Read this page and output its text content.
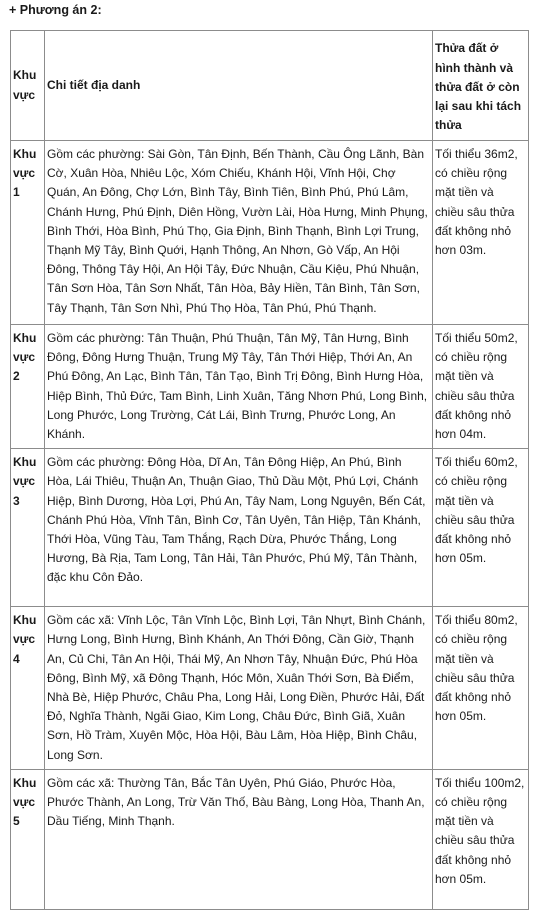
+ Phương án 2:
Khu vực	Chi tiết địa danh	Thửa đất ở hình thành và thửa đất ở còn lại sau khi tách thửa
Khu vực 1	Gồm các phường: Sài Gòn, Tân Định, Bến Thành, Cầu Ông Lãnh, Bàn Cờ, Xuân Hòa, Nhiêu Lộc, Xóm Chiếu, Khánh Hội, Vĩnh Hội, Chợ Quán, An Đông, Chợ Lớn, Bình Tây, Bình Tiên, Bình Phú, Phú Lâm, Chánh Hưng, Phú Định, Diên Hồng, Vườn Lài, Hòa Hưng, Minh Phụng, Bình Thới, Hòa Bình, Phú Thọ, Gia Định, Bình Thạnh, Bình Lợi Trung, Thạnh Mỹ Tây, Bình Quới, Hạnh Thông, An Nhơn, Gò Vấp, An Hội Đông, Thông Tây Hội, An Hội Tây, Đức Nhuận, Cầu Kiệu, Phú Nhuận, Tân Sơn Hòa, Tân Sơn Nhất, Tân Hòa, Bảy Hiền, Tân Bình, Tân Sơn, Tây Thạnh, Tân Sơn Nhì, Phú Thọ Hòa, Tân Phú, Phú Thạnh.	Tối thiểu 36m2, có chiều rộng mặt tiền và chiều sâu thửa đất không nhỏ hơn 03m.
Khu vực 2	Gồm các phường: Tân Thuận, Phú Thuận, Tân Mỹ, Tân Hưng, Bình Đông, Đông Hưng Thuận, Trung Mỹ Tây, Tân Thới Hiệp, Thới An, An Phú Đông, An Lạc, Bình Tân, Tân Tạo, Bình Trị Đông, Bình Hưng Hòa, Hiệp Bình, Thủ Đức, Tam Bình, Linh Xuân, Tăng Nhơn Phú, Long Bình, Long Phước, Long Trường, Cát Lái, Bình Trưng, Phước Long, An Khánh.	Tối thiểu 50m2, có chiều rộng mặt tiền và chiều sâu thửa đất không nhỏ hơn 04m.
Khu vực 3	Gồm các phường: Đông Hòa, Dĩ An, Tân Đông Hiệp, An Phú, Bình Hòa, Lái Thiêu, Thuận An, Thuận Giao, Thủ Dầu Một, Phú Lợi, Chánh Hiệp, Bình Dương, Hòa Lợi, Phú An, Tây Nam, Long Nguyên, Bến Cát, Chánh Phú Hòa, Vĩnh Tân, Bình Cơ, Tân Uyên, Tân Hiệp, Tân Khánh, Thới Hòa, Vũng Tàu, Tam Thắng, Rạch Dừa, Phước Thắng, Long Hương, Bà Rịa, Tam Long, Tân Hải, Tân Phước, Phú Mỹ, Tân Thành, đặc khu Côn Đảo.	Tối thiểu 60m2, có chiều rộng mặt tiền và chiều sâu thửa đất không nhỏ hơn 05m.
Khu vực 4	Gồm các xã: Vĩnh Lộc, Tân Vĩnh Lộc, Bình Lợi, Tân Nhựt, Bình Chánh, Hưng Long, Bình Hưng, Bình Khánh, An Thới Đông, Cần Giờ, Thạnh An, Củ Chi, Tân An Hội, Thái Mỹ, An Nhơn Tây, Nhuận Đức, Phú Hòa Đông, Bình Mỹ, xã Đông Thạnh, Hóc Môn, Xuân Thới Sơn, Bà Điểm, Nhà Bè, Hiệp Phước, Châu Pha, Long Hải, Long Điền, Phước Hải, Đất Đỏ, Nghĩa Thành, Ngãi Giao, Kim Long, Châu Đức, Bình Giã, Xuân Sơn, Hồ Tràm, Xuyên Mộc, Hòa Hội, Bàu Lâm, Hòa Hiệp, Bình Châu, Long Sơn.	Tối thiểu 80m2, có chiều rộng mặt tiền và chiều sâu thửa đất không nhỏ hơn 05m.
Khu vực 5	Gồm các xã: Thường Tân, Bắc Tân Uyên, Phú Giáo, Phước Hòa, Phước Thành, An Long, Trừ Văn Thố, Bàu Bàng, Long Hòa, Thanh An, Dầu Tiếng, Minh Thạnh.	Tối thiểu 100m2, có chiều rộng mặt tiền và chiều sâu thửa đất không nhỏ hơn 05m.
